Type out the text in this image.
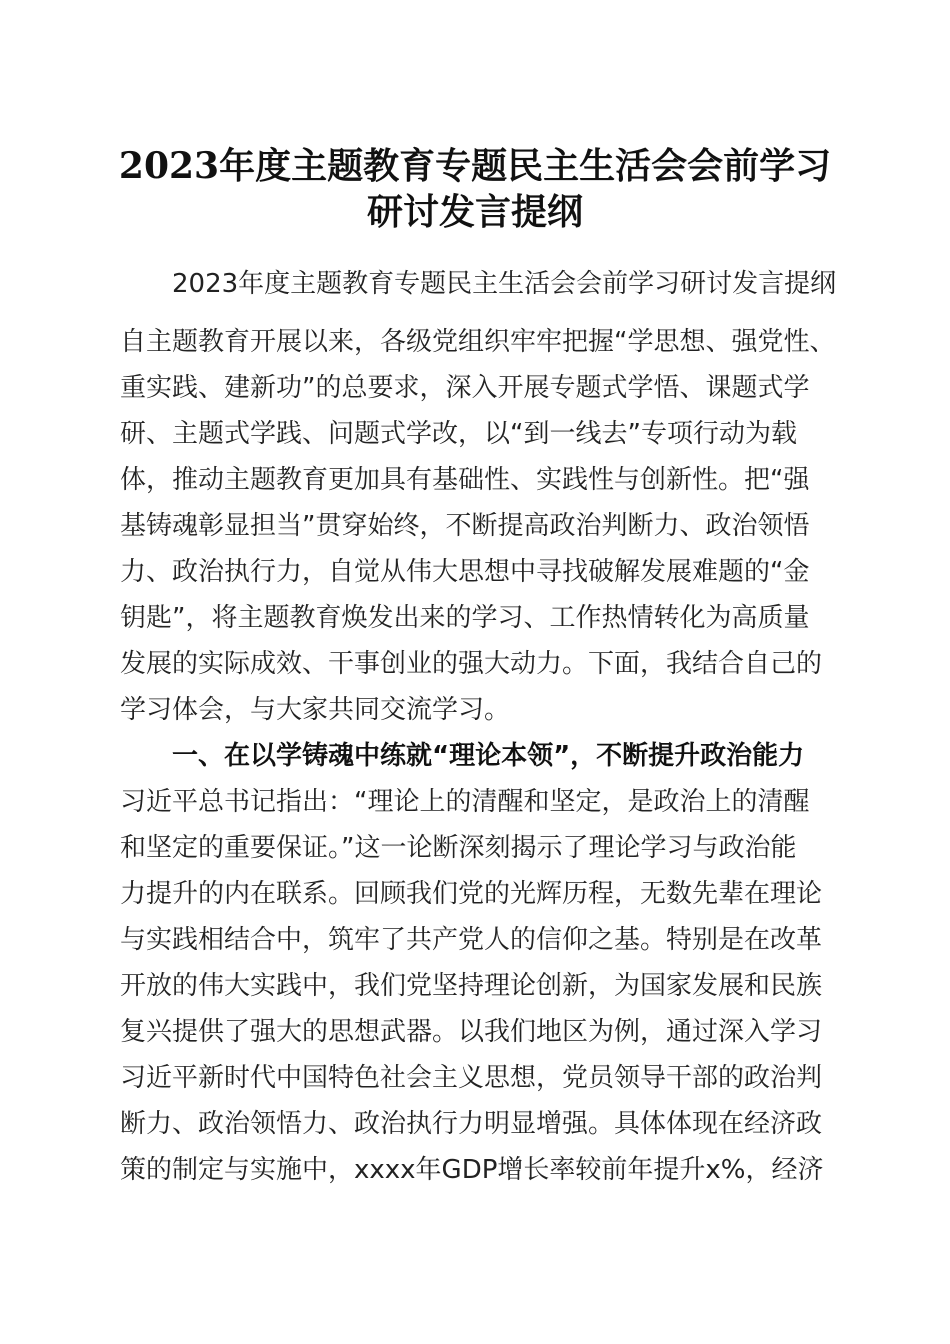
2023年度主题教育专题民主生活会会前学习
研讨发言提纲

2023年度主题教育专题民主生活会会前学习研讨发言提纲

自主题教育开展以来，各级党组织牢牢把握“学思想、强党性、

重实践、建新功”的总要求，深入开展专题式学悟、课题式学

研、主题式学践、问题式学改，以“到一线去”专项行动为载

体，推动主题教育更加具有基础性、实践性与创新性。把“强

基铸魂彰显担当”贯穿始终，不断提高政治判断力、政治领悟

力、政治执行力，自觉从伟大思想中寻找破解发展难题的“金

钥匙”，将主题教育焕发出来的学习、工作热情转化为高质量

发展的实际成效、干事创业的强大动力。下面，我结合自己的

学习体会，与大家共同交流学习。

一、在以学铸魂中练就“理论本领”，不断提升政治能力

习近平总书记指出：“理论上的清醒和坚定，是政治上的清醒

和坚定的重要保证。”这一论断深刻揭示了理论学习与政治能

力提升的内在联系。回顾我们党的光辉历程，无数先辈在理论

与实践相结合中，筑牢了共产党人的信仰之基。特别是在改革

开放的伟大实践中，我们党坚持理论创新，为国家发展和民族

复兴提供了强大的思想武器。以我们地区为例，通过深入学习

习近平新时代中国特色社会主义思想，党员领导干部的政治判

断力、政治领悟力、政治执行力明显增强。具体体现在经济政

策的制定与实施中，xxxx年GDP增长率较前年提升x%，经济
